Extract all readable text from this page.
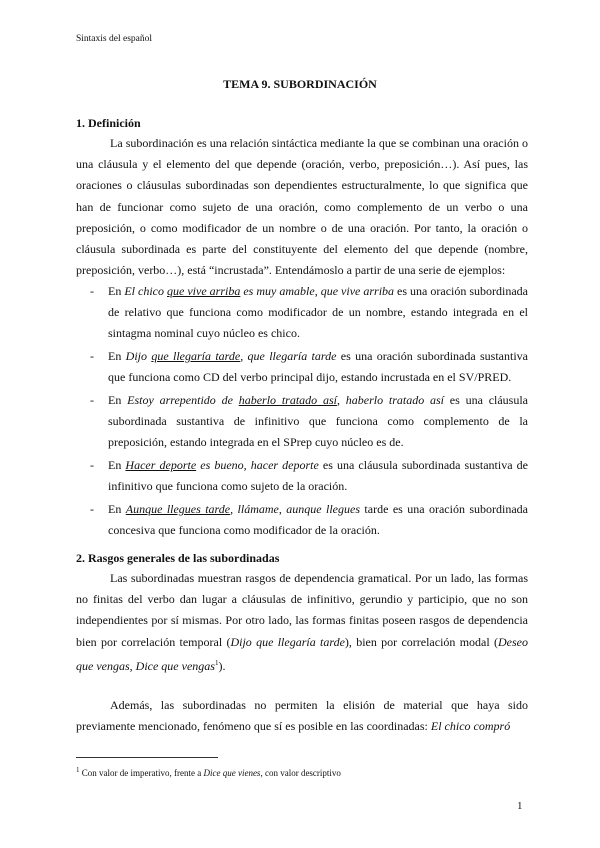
Sintaxis del español
TEMA 9. SUBORDINACIÓN
1. Definición

La subordinación es una relación sintáctica mediante la que se combinan una oración o una cláusula y el elemento del que depende (oración, verbo, preposición…). Así pues, las oraciones o cláusulas subordinadas son dependientes estructuralmente, lo que significa que han de funcionar como sujeto de una oración, como complemento de un verbo o una preposición, o como modificador de un nombre o de una oración. Por tanto, la oración o cláusula subordinada es parte del constituyente del elemento del que depende (nombre, preposición, verbo…), está “incrustada”. Entendámoslo a partir de una serie de ejemplos:

- En El chico que vive arriba es muy amable, que vive arriba es una oración subordinada de relativo que funciona como modificador de un nombre, estando integrada en el sintagma nominal cuyo núcleo es chico.
- En Dijo que llegaría tarde, que llegaría tarde es una oración subordinada sustantiva que funciona como CD del verbo principal dijo, estando incrustada en el SV/PRED.
- En Estoy arrepentido de haberlo tratado así, haberlo tratado así es una cláusula subordinada sustantiva de infinitivo que funciona como complemento de la preposición, estando integrada en el SPrep cuyo núcleo es de.
- En Hacer deporte es bueno, hacer deporte es una cláusula subordinada sustantiva de infinitivo que funciona como sujeto de la oración.
- En Aunque llegues tarde, llámame, aunque llegues tarde es una oración subordinada concesiva que funciona como modificador de la oración.
2. Rasgos generales de las subordinadas

Las subordinadas muestran rasgos de dependencia gramatical. Por un lado, las formas no finitas del verbo dan lugar a cláusulas de infinitivo, gerundio y participio, que no son independientes por sí mismas. Por otro lado, las formas finitas poseen rasgos de dependencia bien por correlación temporal (Dijo que llegaría tarde), bien por correlación modal (Deseo que vengas, Dice que vengas$^1$).

Además, las subordinadas no permiten la elisión de material que haya sido previamente mencionado, fenómeno que sí es posible en las coordinadas: El chico compró

$^1$ Con valor de imperativo, frente a Dice que vienes, con valor descriptivo
1
